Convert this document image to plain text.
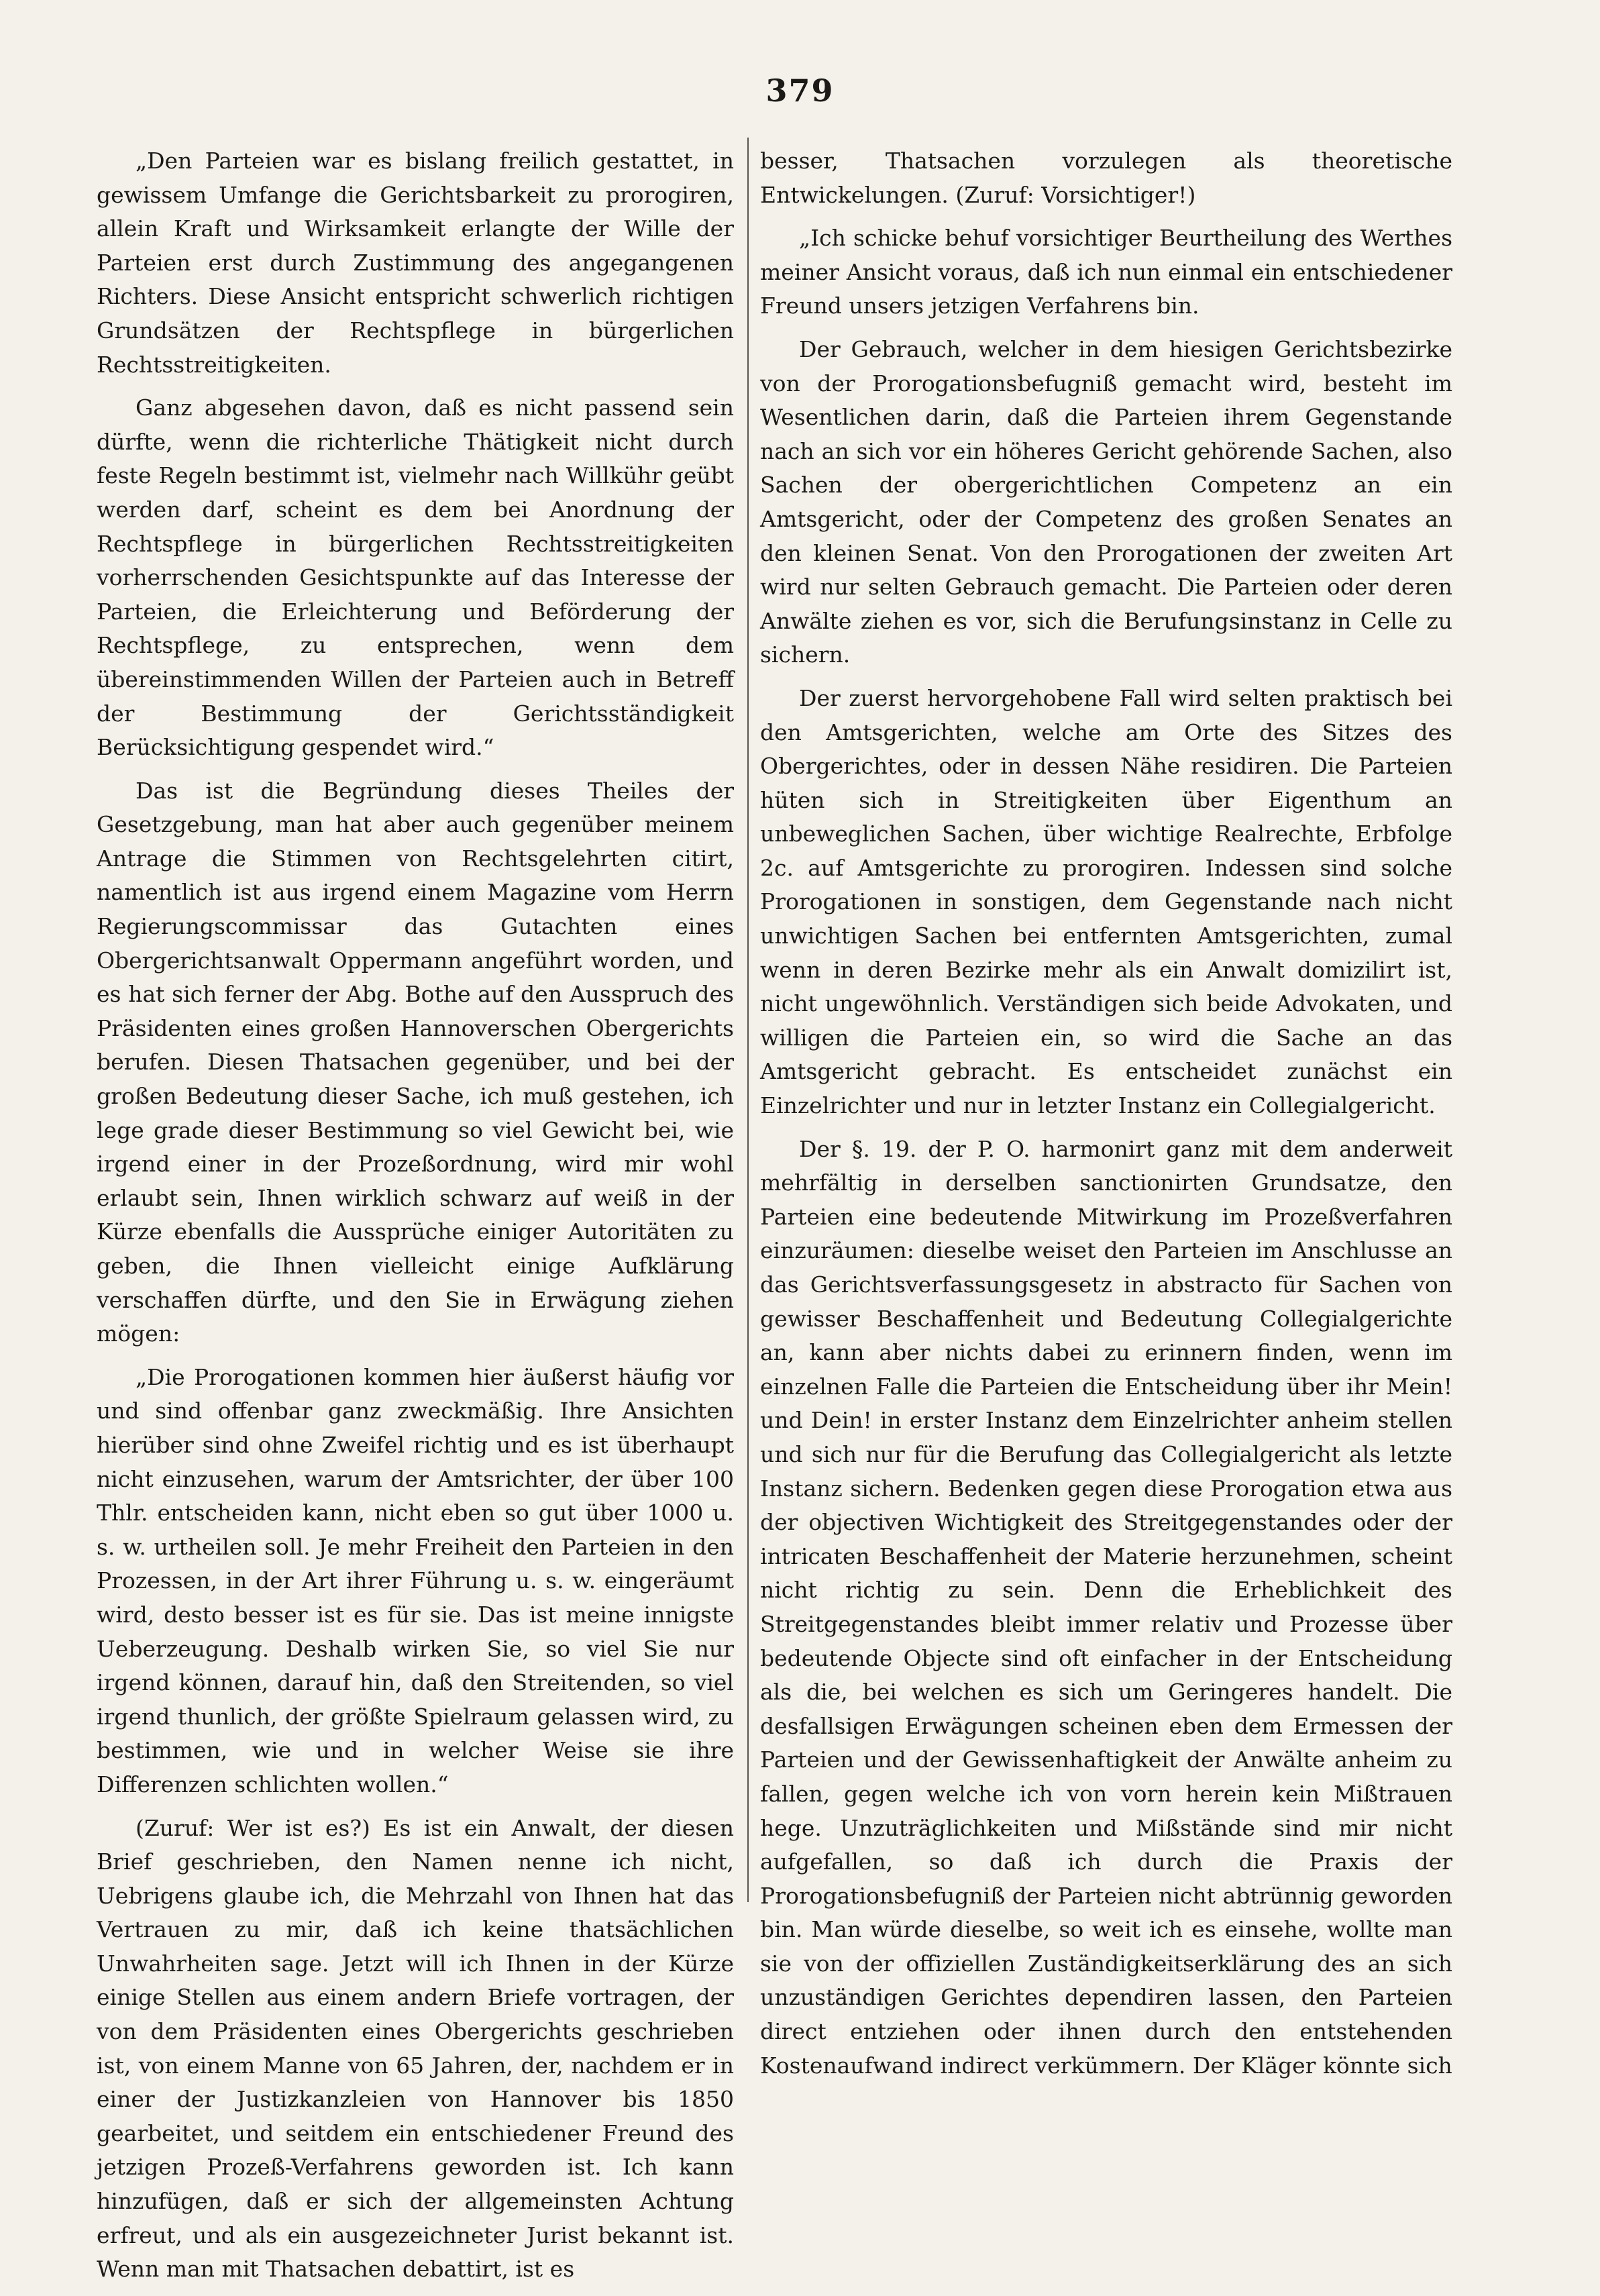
379

„Den Parteien war es bislang freilich gestattet, in gewissem Umfange die Gerichtsbarkeit zu prorogiren, allein Kraft und Wirksamkeit erlangte der Wille der Parteien erst durch Zustimmung des angegangenen Richters. Diese Ansicht entspricht schwerlich richtigen Grundsätzen der Rechtspflege in bürgerlichen Rechtsstreitigkeiten.

Ganz abgesehen davon, daß es nicht passend sein dürfte, wenn die richterliche Thätigkeit nicht durch feste Regeln bestimmt ist, vielmehr nach Willkühr geübt werden darf, scheint es dem bei Anordnung der Rechtspflege in bürgerlichen Rechtsstreitigkeiten vorherrschenden Gesichtspunkte auf das Interesse der Parteien, die Erleichterung und Beförderung der Rechtspflege, zu entsprechen, wenn dem übereinstimmenden Willen der Parteien auch in Betreff der Bestimmung der Gerichtsständigkeit Berücksichtigung gespendet wird.“

Das ist die Begründung dieses Theiles der Gesetzgebung, man hat aber auch gegenüber meinem Antrage die Stimmen von Rechtsgelehrten citirt, namentlich ist aus irgend einem Magazine vom Herrn Regierungscommissar das Gutachten eines Obergerichtsanwalt Oppermann angeführt worden, und es hat sich ferner der Abg. Bothe auf den Ausspruch des Präsidenten eines großen Hannoverschen Obergerichts berufen. Diesen Thatsachen gegenüber, und bei der großen Bedeutung dieser Sache, ich muß gestehen, ich lege grade dieser Bestimmung so viel Gewicht bei, wie irgend einer in der Prozeßordnung, wird mir wohl erlaubt sein, Ihnen wirklich schwarz auf weiß in der Kürze ebenfalls die Aussprüche einiger Autoritäten zu geben, die Ihnen vielleicht einige Aufklärung verschaffen dürfte, und den Sie in Erwägung ziehen mögen:

„Die Prorogationen kommen hier äußerst häufig vor und sind offenbar ganz zweckmäßig. Ihre Ansichten hierüber sind ohne Zweifel richtig und es ist überhaupt nicht einzusehen, warum der Amtsrichter, der über 100 Thlr. entscheiden kann, nicht eben so gut über 1000 u. s. w. urtheilen soll. Je mehr Freiheit den Parteien in den Prozessen, in der Art ihrer Führung u. s. w. eingeräumt wird, desto besser ist es für sie. Das ist meine innigste Ueberzeugung. Deshalb wirken Sie, so viel Sie nur irgend können, darauf hin, daß den Streitenden, so viel irgend thunlich, der größte Spielraum gelassen wird, zu bestimmen, wie und in welcher Weise sie ihre Differenzen schlichten wollen.“

(Zuruf: Wer ist es?) Es ist ein Anwalt, der diesen Brief geschrieben, den Namen nenne ich nicht, Uebrigens glaube ich, die Mehrzahl von Ihnen hat das Vertrauen zu mir, daß ich keine thatsächlichen Unwahrheiten sage. Jetzt will ich Ihnen in der Kürze einige Stellen aus einem andern Briefe vortragen, der von dem Präsidenten eines Obergerichts geschrieben ist, von einem Manne von 65 Jahren, der, nachdem er in einer der Justizkanzleien von Hannover bis 1850 gearbeitet, und seitdem ein entschiedener Freund des jetzigen Prozeß-Verfahrens geworden ist. Ich kann hinzufügen, daß er sich der allgemeinsten Achtung erfreut, und als ein ausgezeichneter Jurist bekannt ist. Wenn man mit Thatsachen debattirt, ist es

besser, Thatsachen vorzulegen als theoretische Entwickelungen. (Zuruf: Vorsichtiger!)

„Ich schicke behuf vorsichtiger Beurtheilung des Werthes meiner Ansicht voraus, daß ich nun einmal ein entschiedener Freund unsers jetzigen Verfahrens bin.

Der Gebrauch, welcher in dem hiesigen Gerichtsbezirke von der Prorogationsbefugniß gemacht wird, besteht im Wesentlichen darin, daß die Parteien ihrem Gegenstande nach an sich vor ein höheres Gericht gehörende Sachen, also Sachen der obergerichtlichen Competenz an ein Amtsgericht, oder der Competenz des großen Senates an den kleinen Senat. Von den Prorogationen der zweiten Art wird nur selten Gebrauch gemacht. Die Parteien oder deren Anwälte ziehen es vor, sich die Berufungsinstanz in Celle zu sichern.

Der zuerst hervorgehobene Fall wird selten praktisch bei den Amtsgerichten, welche am Orte des Sitzes des Obergerichtes, oder in dessen Nähe residiren. Die Parteien hüten sich in Streitigkeiten über Eigenthum an unbeweglichen Sachen, über wichtige Realrechte, Erbfolge 2c. auf Amtsgerichte zu prorogiren. Indessen sind solche Prorogationen in sonstigen, dem Gegenstande nach nicht unwichtigen Sachen bei entfernten Amtsgerichten, zumal wenn in deren Bezirke mehr als ein Anwalt domizilirt ist, nicht ungewöhnlich. Verständigen sich beide Advokaten, und willigen die Parteien ein, so wird die Sache an das Amtsgericht gebracht. Es entscheidet zunächst ein Einzelrichter und nur in letzter Instanz ein Collegialgericht.

Der §. 19. der P. O. harmonirt ganz mit dem anderweit mehrfältig in derselben sanctionirten Grundsatze, den Parteien eine bedeutende Mitwirkung im Prozeßverfahren einzuräumen: dieselbe weiset den Parteien im Anschlusse an das Gerichtsverfassungsgesetz in abstracto für Sachen von gewisser Beschaffenheit und Bedeutung Collegialgerichte an, kann aber nichts dabei zu erinnern finden, wenn im einzelnen Falle die Parteien die Entscheidung über ihr Mein! und Dein! in erster Instanz dem Einzelrichter anheim stellen und sich nur für die Berufung das Collegialgericht als letzte Instanz sichern. Bedenken gegen diese Prorogation etwa aus der objectiven Wichtigkeit des Streitgegenstandes oder der intricaten Beschaffenheit der Materie herzunehmen, scheint nicht richtig zu sein. Denn die Erheblichkeit des Streitgegenstandes bleibt immer relativ und Prozesse über bedeutende Objecte sind oft einfacher in der Entscheidung als die, bei welchen es sich um Geringeres handelt. Die desfallsigen Erwägungen scheinen eben dem Ermessen der Parteien und der Gewissenhaftigkeit der Anwälte anheim zu fallen, gegen welche ich von vorn herein kein Mißtrauen hege. Unzuträglichkeiten und Mißstände sind mir nicht aufgefallen, so daß ich durch die Praxis der Prorogationsbefugniß der Parteien nicht abtrünnig geworden bin. Man würde dieselbe, so weit ich es einsehe, wollte man sie von der offiziellen Zuständigkeitserklärung des an sich unzuständigen Gerichtes dependiren lassen, den Parteien direct entziehen oder ihnen durch den entstehenden Kostenaufwand indirect verkümmern. Der Kläger könnte sich
